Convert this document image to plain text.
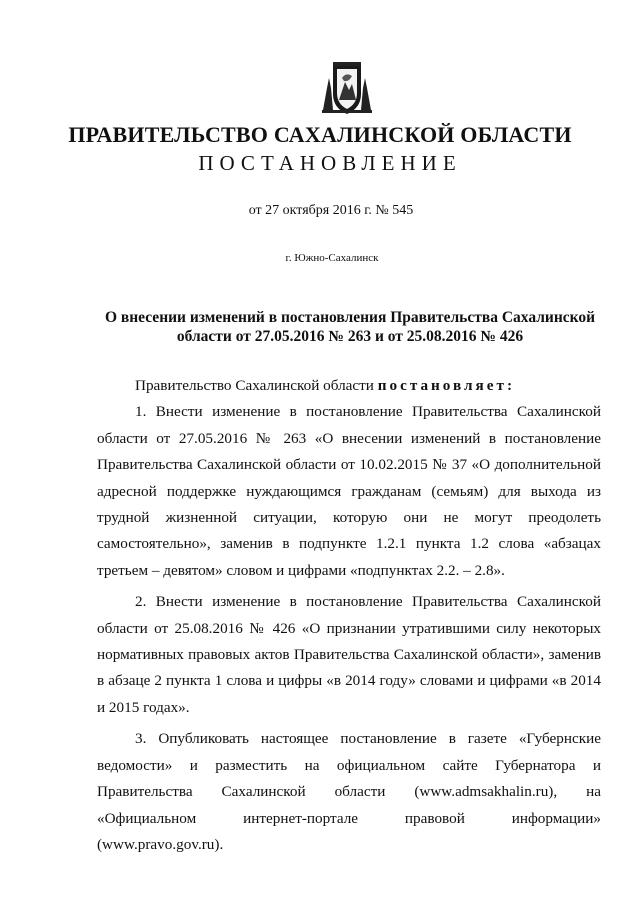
ПРАВИТЕЛЬСТВО САХАЛИНСКОЙ ОБЛАСТИ
ПОСТАНОВЛЕНИЕ
от 27 октября 2016 г. № 545
г. Южно-Сахалинск
О внесении изменений в постановления Правительства Сахалинской
области от 27.05.2016 № 263 и от 25.08.2016 № 426

Правительство Сахалинской области постановляет:

1. Внести изменение в постановление Правительства Сахалинской области от 27.05.2016 № 263 «О внесении изменений в постановление Правительства Сахалинской области от 10.02.2015 № 37 «О дополнительной адресной поддержке нуждающимся гражданам (семьям) для выхода из трудной жизненной ситуации, которую они не могут преодолеть самостоятельно», заменив в подпункте 1.2.1 пункта 1.2 слова «абзацах третьем – девятом» словом и цифрами «подпунктах 2.2. – 2.8».

2. Внести изменение в постановление Правительства Сахалинской области от 25.08.2016 № 426 «О признании утратившими силу некоторых нормативных правовых актов Правительства Сахалинской области», заменив в абзаце 2 пункта 1 слова и цифры «в 2014 году» словами и цифрами «в 2014 и 2015 годах».

3. Опубликовать настоящее постановление в газете «Губернские ведомости» и разместить на официальном сайте Губернатора и Правительства Сахалинской области (www.admsakhalin.ru), на «Официальном интернет-портале правовой информации» (www.pravo.gov.ru).
